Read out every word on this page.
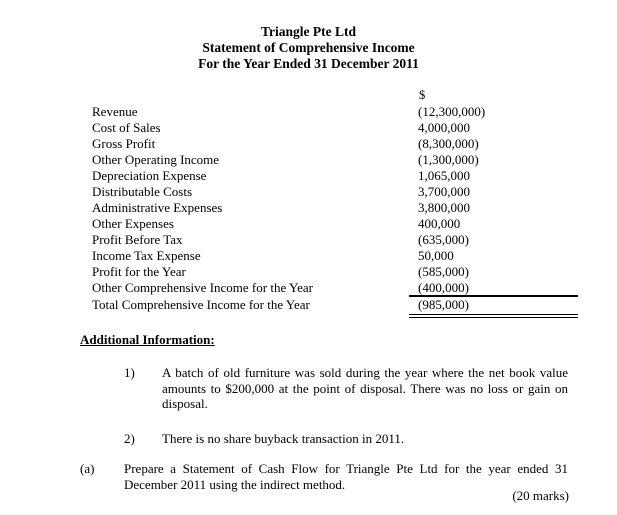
Triangle Pte Ltd
Statement of Comprehensive Income
For the Year Ended 31 December 2011
$
Revenue	(12,300,000)
Cost of Sales	4,000,000
Gross Profit	(8,300,000)
Other Operating Income	(1,300,000)
Depreciation Expense	1,065,000
Distributable Costs	3,700,000
Administrative Expenses	3,800,000
Other Expenses	400,000
Profit Before Tax	(635,000)
Income Tax Expense	50,000
Profit for the Year	(585,000)
Other Comprehensive Income for the Year	(400,000)
Total Comprehensive Income for the Year	(985,000)
Additional Information:
1) A batch of old furniture was sold during the year where the net book value amounts to $200,000 at the point of disposal. There was no loss or gain on disposal.
2) There is no share buyback transaction in 2011.
(a) Prepare a Statement of Cash Flow for Triangle Pte Ltd for the year ended 31 December 2011 using the indirect method.
(20 marks)
